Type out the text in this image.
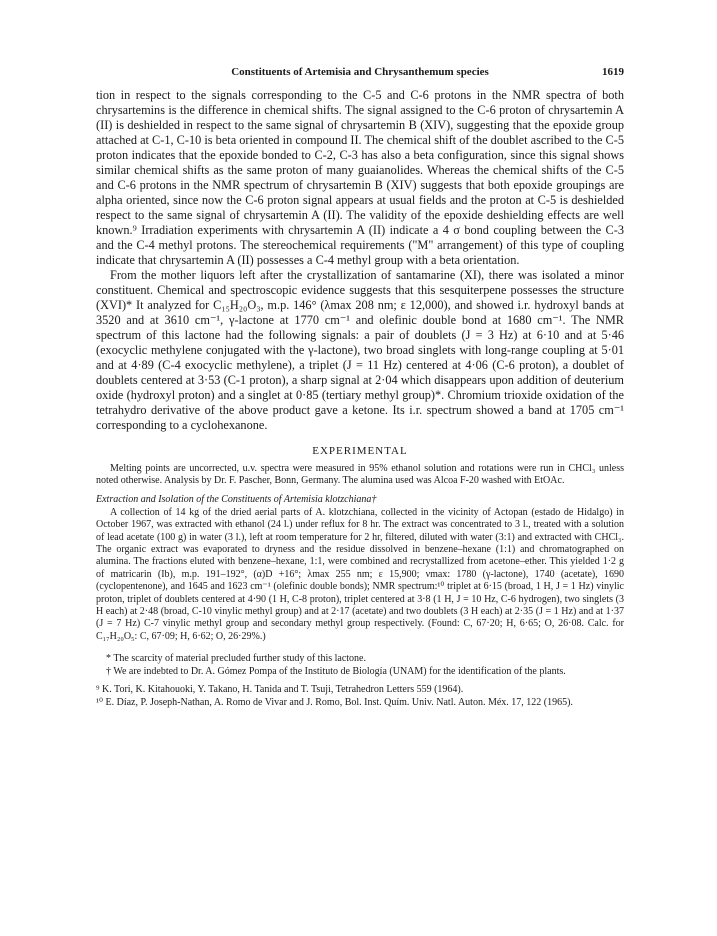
Constituents of Artemisia and Chrysanthemum species	1619

tion in respect to the signals corresponding to the C-5 and C-6 protons in the NMR spectra of both chrysartemins is the difference in chemical shifts. The signal assigned to the C-6 proton of chrysartemin A (II) is deshielded in respect to the same signal of chrysartemin B (XIV), suggesting that the epoxide group attached at C-1, C-10 is beta oriented in compound II. The chemical shift of the doublet ascribed to the C-5 proton indicates that the epoxide bonded to C-2, C-3 has also a beta configuration, since this signal shows similar chemical shifts as the same proton of many guaianolides. Whereas the chemical shifts of the C-5 and C-6 protons in the NMR spectrum of chrysartemin B (XIV) suggests that both epoxide groupings are alpha oriented, since now the C-6 proton signal appears at usual fields and the proton at C-5 is deshielded respect to the same signal of chrysartemin A (II). The validity of the epoxide deshielding effects are well known.⁹ Irradiation experiments with chrysartemin A (II) indicate a 4 σ bond coupling between the C-3 and the C-4 methyl protons. The stereochemical requirements ("M" arrangement) of this type of coupling indicate that chrysartemin A (II) possesses a C-4 methyl group with a beta orientation.

From the mother liquors left after the crystallization of santamarine (XI), there was isolated a minor constituent. Chemical and spectroscopic evidence suggests that this sesquiterpene possesses the structure (XVI)* It analyzed for C₁₅H₂₀O₃, m.p. 146° (λmax 208 nm; ε 12,000), and showed i.r. hydroxyl bands at 3520 and at 3610 cm⁻¹, γ-lactone at 1770 cm⁻¹ and olefinic double bond at 1680 cm⁻¹. The NMR spectrum of this lactone had the following signals: a pair of doublets (J = 3 Hz) at 6·10 and at 5·46 (exocyclic methylene conjugated with the γ-lactone), two broad singlets with long-range coupling at 5·01 and at 4·89 (C-4 exocyclic methylene), a triplet (J = 11 Hz) centered at 4·06 (C-6 proton), a doublet of doublets centered at 3·53 (C-1 proton), a sharp signal at 2·04 which disappears upon addition of deuterium oxide (hydroxyl proton) and a singlet at 0·85 (tertiary methyl group)*. Chromium trioxide oxidation of the tetrahydro derivative of the above product gave a ketone. Its i.r. spectrum showed a band at 1705 cm⁻¹ corresponding to a cyclohexanone.

EXPERIMENTAL

Melting points are uncorrected, u.v. spectra were measured in 95% ethanol solution and rotations were run in CHCl₃ unless noted otherwise. Analysis by Dr. F. Pascher, Bonn, Germany. The alumina used was Alcoa F-20 washed with EtOAc.

Extraction and Isolation of the Constituents of Artemisia klotzchiana†

A collection of 14 kg of the dried aerial parts of A. klotzchiana, collected in the vicinity of Actopan (estado de Hidalgo) in October 1967, was extracted with ethanol (24 l.) under reflux for 8 hr. The extract was concentrated to 3 l., treated with a solution of lead acetate (100 g) in water (3 l.), left at room temperature for 2 hr, filtered, diluted with water (3:1) and extracted with CHCl₃. The organic extract was evaporated to dryness and the residue dissolved in benzene–hexane (1:1) and chromatographed on alumina. The fractions eluted with benzene–hexane, 1:1, were combined and recrystallized from acetone–ether. This yielded 1·2 g of matricarin (Ib), m.p. 191–192°, (α)D +16°; λmax 255 nm; ε 15,900; νmax: 1780 (γ-lactone), 1740 (acetate), 1690 (cyclopentenone), and 1645 and 1623 cm⁻¹ (olefinic double bonds); NMR spectrum:¹⁰ triplet at 6·15 (broad, 1 H, J = 1 Hz) vinylic proton, triplet of doublets centered at 4·90 (1 H, C-8 proton), triplet centered at 3·8 (1 H, J = 10 Hz, C-6 hydrogen), two singlets (3 H each) at 2·48 (broad, C-10 vinylic methyl group) and at 2·17 (acetate) and two doublets (3 H each) at 2·35 (J = 1 Hz) and at 1·37 (J = 7 Hz) C-7 vinylic methyl group and secondary methyl group respectively. (Found: C, 67·20; H, 6·65; O, 26·08. Calc. for C₁₇H₂₀O₅: C, 67·09; H, 6·62; O, 26·29%.)

* The scarcity of material precluded further study of this lactone.

† We are indebted to Dr. A. Gómez Pompa of the Instituto de Biología (UNAM) for the identification of the plants.

⁹ K. Tori, K. Kitahouoki, Y. Takano, H. Tanida and T. Tsuji, Tetrahedron Letters 559 (1964).

¹⁰ E. Díaz, P. Joseph-Nathan, A. Romo de Vivar and J. Romo, Bol. Inst. Quím. Univ. Natl. Auton. Méx. 17, 122 (1965).
